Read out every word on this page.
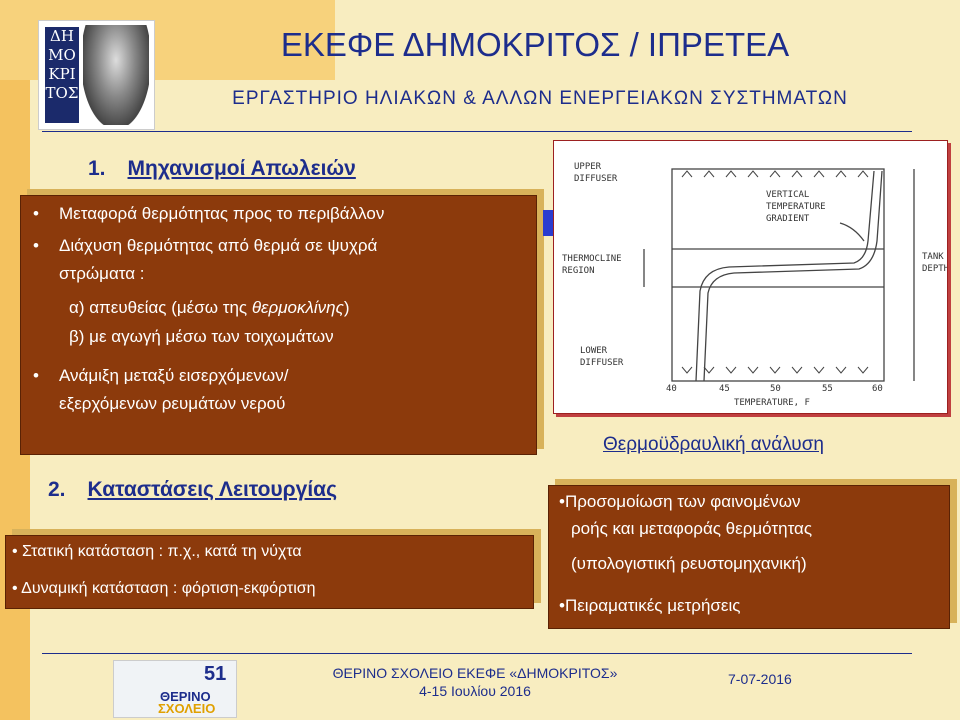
ΔΗ
ΜΟ
ΚΡΙ
ΤΟΣ
ΕΚΕΦΕ ΔΗΜΟΚΡΙΤΟΣ / ΙΠΡΕΤΕΑ
ΕΡΓΑΣΤΗΡΙΟ ΗΛΙΑΚΩΝ & ΑΛΛΩΝ ΕΝΕΡΓΕΙΑΚΩΝ ΣΥΣΤΗΜΑΤΩΝ
1. Μηχανισμοί Απωλειών
• Μεταφορά θερμότητας προς το περιβάλλον
• Διάχυση θερμότητας από θερμά σε ψυχρά
στρώματα :
α) απευθείας (μέσω της θερμοκλίνης)
β) με αγωγή μέσω των τοιχωμάτων
• Ανάμιξη μεταξύ εισερχόμενων/
εξερχόμενων ρευμάτων νερού
UPPER
DIFFUSER
VERTICAL
TEMPERATURE
GRADIENT
THERMOCLINE
REGION
TANK
DEPTH
LOWER
DIFFUSER
40	45	50	55	60
TEMPERATURE, F
Θερμοϋδραυλική ανάλυση
2. Καταστάσεις Λειτουργίας
• Στατική κατάσταση : π.χ., κατά τη νύχτα
• Δυναμική κατάσταση : φόρτιση-εκφόρτιση
•Προσομοίωση των φαινομένων
ροής και μεταφοράς θερμότητας
(υπολογιστική ρευστομηχανική)
•Πειραματικές μετρήσεις
51
ΘΕΡΙΝΟ
ΣΧΟΛΕΙΟ
ΘΕΡΙΝΟ ΣΧΟΛΕΙΟ ΕΚΕΦΕ «ΔΗΜΟΚΡΙΤΟΣ»
4-15 Ιουλίου 2016
7-07-2016
